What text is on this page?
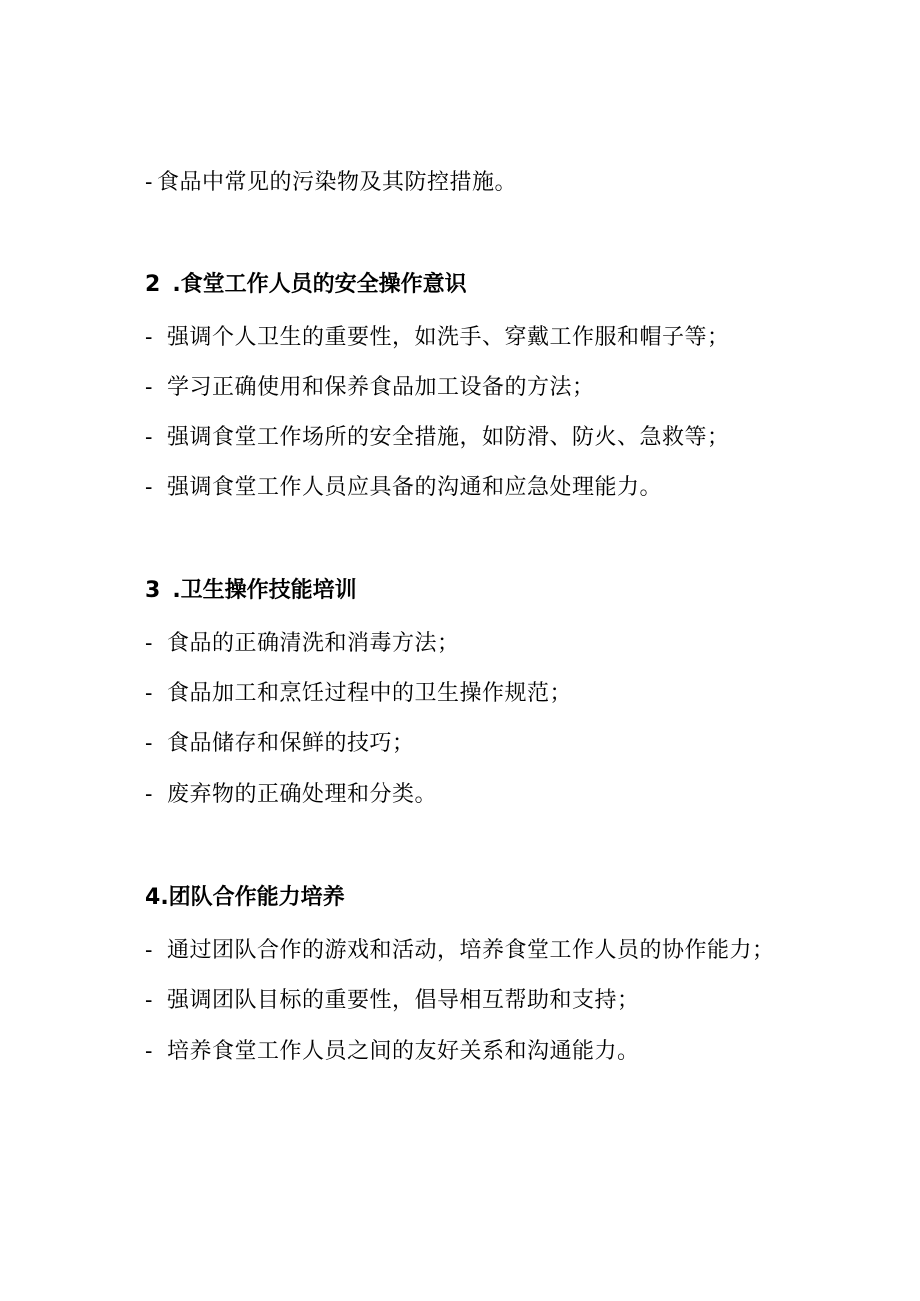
- 食品中常见的污染物及其防控措施。
2 .食堂工作人员的安全操作意识
- 强调个人卫生的重要性，如洗手、穿戴工作服和帽子等；
- 学习正确使用和保养食品加工设备的方法；
- 强调食堂工作场所的安全措施，如防滑、防火、急救等；
- 强调食堂工作人员应具备的沟通和应急处理能力。
3 .卫生操作技能培训
- 食品的正确清洗和消毒方法；
- 食品加工和烹饪过程中的卫生操作规范；
- 食品储存和保鲜的技巧；
- 废弃物的正确处理和分类。
4.团队合作能力培养
- 通过团队合作的游戏和活动，培养食堂工作人员的协作能力；
- 强调团队目标的重要性，倡导相互帮助和支持；
- 培养食堂工作人员之间的友好关系和沟通能力。
